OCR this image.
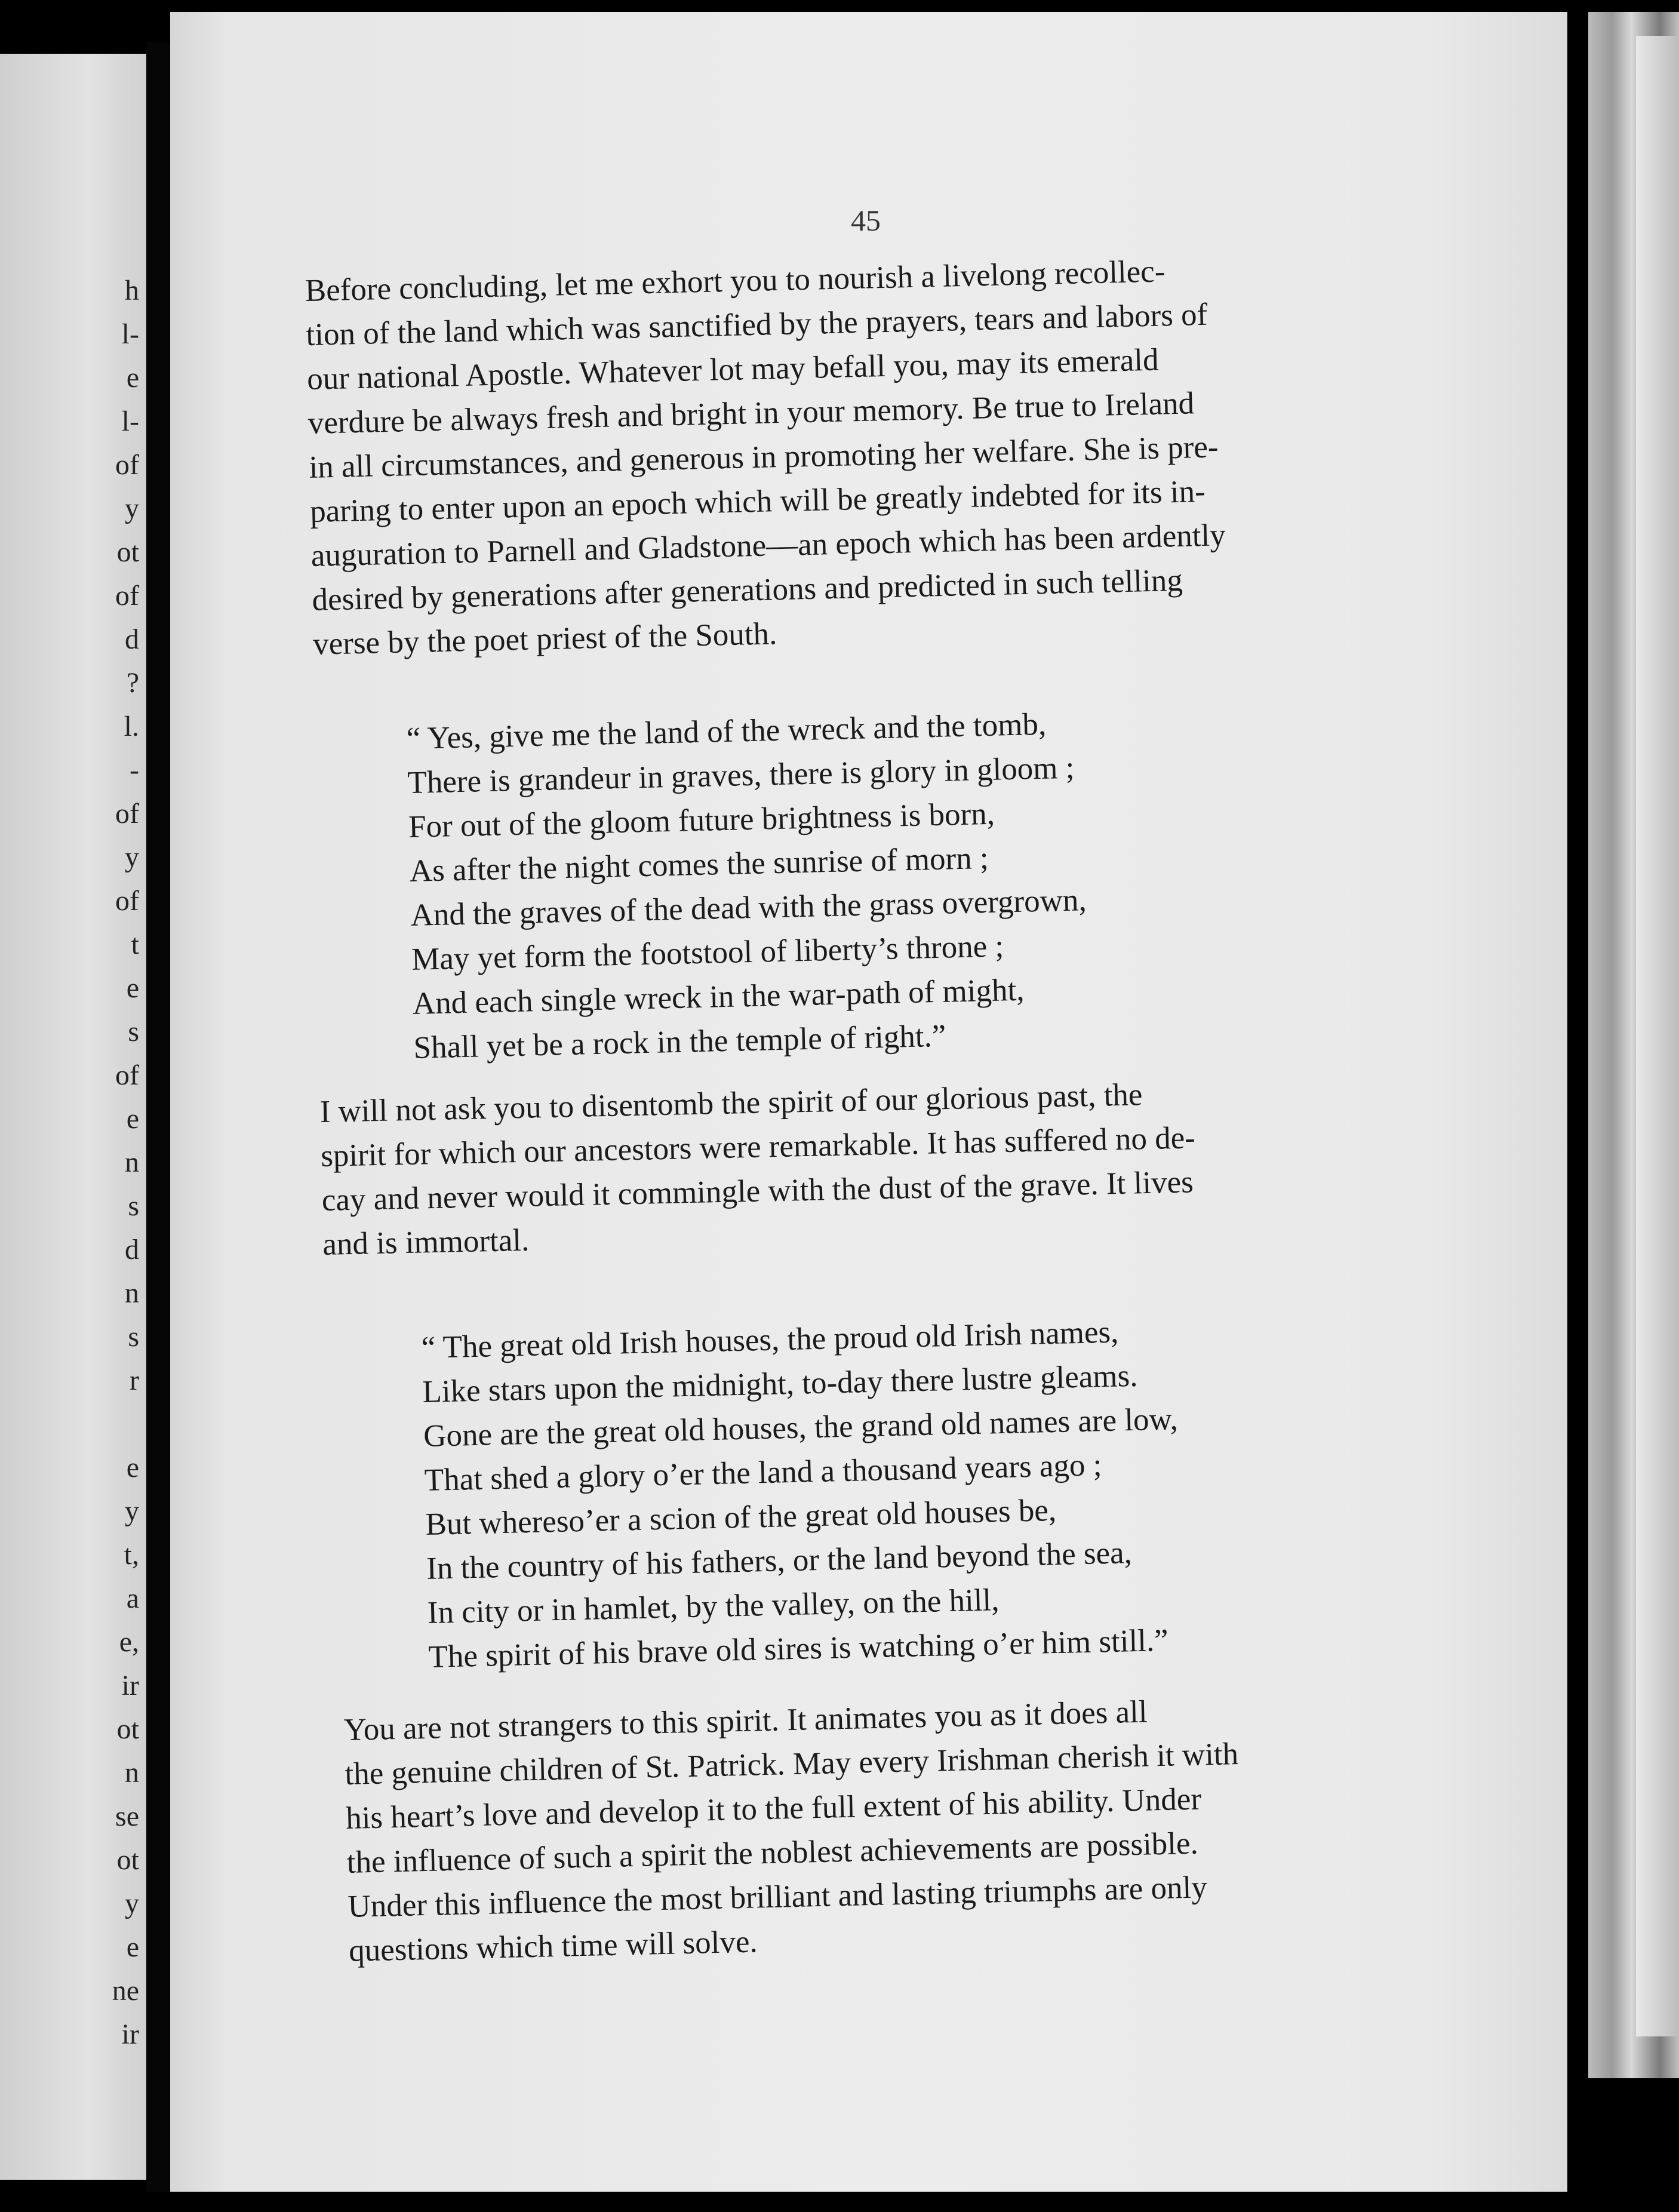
h
l-
e
l-
of
y
ot
of
d
?
l.
-
of
y
of
t
e
s
of
e
n
s
d
n
s
r

e
y
t,
a
e,
ir
ot
n
se
ot
y
e
ne
ir
45
Before concluding, let me exhort you to nourish a livelong recollec-
tion of the land which was sanctified by the prayers, tears and labors of
our national Apostle. Whatever lot may befall you, may its emerald
verdure be always fresh and bright in your memory. Be true to Ireland
in all circumstances, and generous in promoting her welfare. She is pre-
paring to enter upon an epoch which will be greatly indebted for its in-
auguration to Parnell and Gladstone—an epoch which has been ardently
desired by generations after generations and predicted in such telling
verse by the poet priest of the South.
“ Yes, give me the land of the wreck and the tomb,
There is grandeur in graves, there is glory in gloom ;
For out of the gloom future brightness is born,
As after the night comes the sunrise of morn ;
And the graves of the dead with the grass overgrown,
May yet form the footstool of liberty’s throne ;
And each single wreck in the war-path of might,
Shall yet be a rock in the temple of right.”
I will not ask you to disentomb the spirit of our glorious past, the
spirit for which our ancestors were remarkable. It has suffered no de-
cay and never would it commingle with the dust of the grave. It lives
and is immortal.
“ The great old Irish houses, the proud old Irish names,
Like stars upon the midnight, to-day there lustre gleams.
Gone are the great old houses, the grand old names are low,
That shed a glory o’er the land a thousand years ago ;
But whereso’er a scion of the great old houses be,
In the country of his fathers, or the land beyond the sea,
In city or in hamlet, by the valley, on the hill,
The spirit of his brave old sires is watching o’er him still.”
You are not strangers to this spirit. It animates you as it does all
the genuine children of St. Patrick. May every Irishman cherish it with
his heart’s love and develop it to the full extent of his ability. Under
the influence of such a spirit the noblest achievements are possible.
Under this influence the most brilliant and lasting triumphs are only
questions which time will solve.
